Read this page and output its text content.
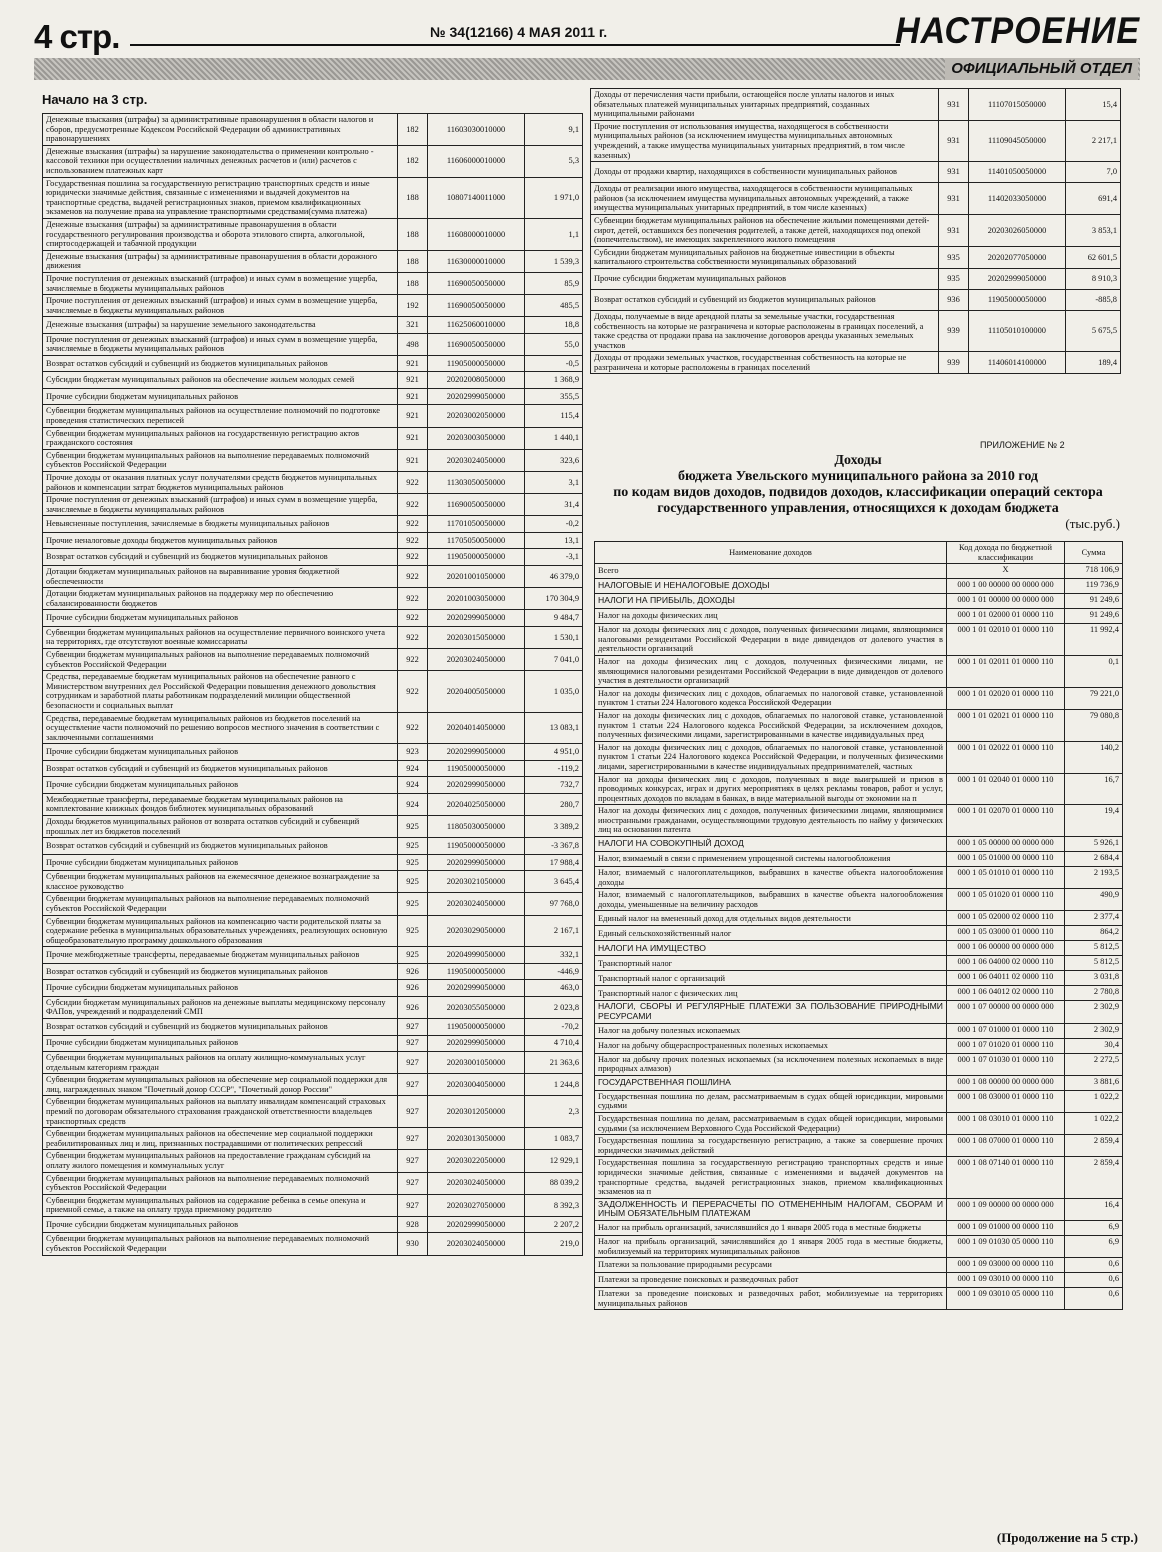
4 стр.	№ 34(12166) 4 МАЯ 2011 г.	НАСТРОЕНИЕ
ОФИЦИАЛЬНЫЙ ОТДЕЛ
Начало на 3 стр.
Денежные взыскания (штрафы) за административные правонарушения в области налогов и сборов, предусмотренные Кодексом Российской Федерации об административных правонарушениях	182	11603030010000	9,1
Денежные взыскания (штрафы) за нарушение законодательства о применении контрольно - кассовой техники при осуществлении наличных денежных расчетов и (или) расчетов с использованием платежных карт	182	11606000010000	5,3
Государственная пошлина за государственную регистрацию транспортных средств и иные юридически значимые действия, связанные с изменениями и выдачей документов на транспортные средства, выдачей регистрационных знаков, приемом квалификационных экзаменов на получение права на управление транспортными средствами(сумма платежа)	188	10807140011000	1 971,0
Денежные взыскания (штрафы) за административные правонарушения в области государственного регулирования производства и оборота этилового спирта, алкогольной, спиртосодержащей и табачной продукции	188	11608000010000	1,1
Денежные взыскания (штрафы) за административные правонарушения в области дорожного движения	188	11630000010000	1 539,3
Прочие поступления от денежных взысканий (штрафов) и иных сумм в возмещение ущерба, зачисляемые в бюджеты муниципальных районов	188	11690050050000	85,9
Прочие поступления от денежных взысканий (штрафов) и иных сумм в возмещение ущерба, зачисляемые в бюджеты муниципальных районов	192	11690050050000	485,5
Денежные взыскания (штрафы) за нарушение земельного законодательства	321	11625060010000	18,8
Прочие поступления от денежных взысканий (штрафов) и иных сумм в возмещение ущерба, зачисляемые в бюджеты муниципальных районов	498	11690050050000	55,0
Возврат остатков субсидий и субвенций из бюджетов муниципальных районов	921	11905000050000	-0,5
Субсидии бюджетам муниципальных районов на обеспечение жильем молодых семей	921	20202008050000	1 368,9
Прочие субсидии бюджетам муниципальных районов	921	20202999050000	355,5
Субвенции бюджетам муниципальных районов на осуществление полномочий по подготовке проведения статистических переписей	921	20203002050000	115,4
Субвенции бюджетам муниципальных районов на государственную регистрацию актов гражданского состояния	921	20203003050000	1 440,1
Субвенции бюджетам муниципальных районов на выполнение передаваемых полномочий субъектов Российской Федерации	921	20203024050000	323,6
Прочие доходы от оказания платных услуг получателями средств бюджетов муниципальных районов и компенсации затрат бюджетов муниципальных районов	922	11303050050000	3,1
Прочие поступления от денежных взысканий (штрафов) и иных сумм в возмещение ущерба, зачисляемые в бюджеты муниципальных районов	922	11690050050000	31,4
Невыясненные поступления, зачисляемые в бюджеты муниципальных районов	922	11701050050000	-0,2
Прочие неналоговые доходы бюджетов муниципальных районов	922	11705050050000	13,1
Возврат остатков субсидий и субвенций из бюджетов муниципальных районов	922	11905000050000	-3,1
Дотации бюджетам муниципальных районов на выравнивание уровня бюджетной обеспеченности	922	20201001050000	46 379,0
Дотации бюджетам муниципальных районов на поддержку мер по обеспечению сбалансированности бюджетов	922	20201003050000	170 304,9
Прочие субсидии бюджетам муниципальных районов	922	20202999050000	9 484,7
Субвенции бюджетам муниципальных районов на осуществление первичного воинского учета на территориях, где отсутствуют военные комиссариаты	922	20203015050000	1 530,1
Субвенции бюджетам муниципальных районов на выполнение передаваемых полномочий субъектов Российской Федерации	922	20203024050000	7 041,0
Средства, передаваемые бюджетам муниципальных районов на обеспечение равного с Министерством внутренних дел Российской Федерации повышения денежного довольствия сотрудникам и заработной платы работникам подразделений милиции общественной безопасности и социальных выплат	922	20204005050000	1 035,0
Средства, передаваемые бюджетам муниципальных районов из бюджетов поселений на осуществление части полномочий по решению вопросов местного значения в соответствии с заключенными соглашениями	922	20204014050000	13 083,1
Прочие субсидии бюджетам муниципальных районов	923	20202999050000	4 951,0
Возврат остатков субсидий и субвенций из бюджетов муниципальных районов	924	11905000050000	-119,2
Прочие субсидии бюджетам муниципальных районов	924	20202999050000	732,7
Межбюджетные трансферты, передаваемые бюджетам муниципальных районов на комплектование книжных фондов библиотек муниципальных образований	924	20204025050000	280,7
Доходы бюджетов муниципальных районов от возврата остатков субсидий и субвенций прошлых лет из бюджетов поселений	925	11805030050000	3 389,2
Возврат остатков субсидий и субвенций из бюджетов муниципальных районов	925	11905000050000	-3 367,8
Прочие субсидии бюджетам муниципальных районов	925	20202999050000	17 988,4
Субвенции бюджетам муниципальных районов на ежемесячное денежное вознаграждение за классное руководство	925	20203021050000	3 645,4
Субвенции бюджетам муниципальных районов на выполнение передаваемых полномочий субъектов Российской Федерации	925	20203024050000	97 768,0
Субвенции бюджетам муниципальных районов на компенсацию части родительской платы за содержание ребенка в муниципальных образовательных учреждениях, реализующих основную общеобразовательную программу дошкольного образования	925	20203029050000	2 167,1
Прочие межбюджетные трансферты, передаваемые бюджетам муниципальных районов	925	20204999050000	332,1
Возврат остатков субсидий и субвенций из бюджетов муниципальных районов	926	11905000050000	-446,9
Прочие субсидии бюджетам муниципальных районов	926	20202999050000	463,0
Субсидии бюджетам муниципальных районов на денежные выплаты медицинскому персоналу ФАПов, учреждений и подразделений СМП	926	20203055050000	2 023,8
Возврат остатков субсидий и субвенций из бюджетов муниципальных районов	927	11905000050000	-70,2
Прочие субсидии бюджетам муниципальных районов	927	20202999050000	4 710,4
Субвенции бюджетам муниципальных районов на оплату жилищно-коммунальных услуг отдельным категориям граждан	927	20203001050000	21 363,6
Субвенции бюджетам муниципальных районов на обеспечение мер социальной поддержки для лиц, награжденных знаком "Почетный донор СССР", "Почетный донор России"	927	20203004050000	1 244,8
Субвенции бюджетам муниципальных районов на выплату инвалидам компенсаций страховых премий по договорам обязательного страхования гражданской ответственности владельцев транспортных средств	927	20203012050000	2,3
Субвенции бюджетам муниципальных районов на обеспечение мер социальной поддержки реабилитированных лиц и лиц, признанных пострадавшими от политических репрессий	927	20203013050000	1 083,7
Субвенции бюджетам муниципальных районов на предоставление гражданам субсидий на оплату жилого помещения и коммунальных услуг	927	20203022050000	12 929,1
Субвенции бюджетам муниципальных районов на выполнение передаваемых полномочий субъектов Российской Федерации	927	20203024050000	88 039,2
Субвенции бюджетам муниципальных районов на содержание ребенка в семье опекуна и приемной семье, а также на оплату труда приемному родителю	927	20203027050000	8 392,3
Прочие субсидии бюджетам муниципальных районов	928	20202999050000	2 207,2
Субвенции бюджетам муниципальных районов на выполнение передаваемых полномочий субъектов Российской Федерации	930	20203024050000	219,0
Доходы от перечисления части прибыли, остающейся после уплаты налогов и иных обязательных платежей муниципальных унитарных предприятий, созданных муниципальными районами	931	11107015050000	15,4
Прочие поступления от использования имущества, находящегося в собственности муниципальных районов (за исключением имущества муниципальных автономных учреждений, а также имущества муниципальных унитарных предприятий, в том числе казенных)	931	11109045050000	2 217,1
Доходы от продажи квартир, находящихся в собственности муниципальных районов	931	11401050050000	7,0
Доходы от реализации иного имущества, находящегося в собственности муниципальных районов (за исключением имущества муниципальных автономных учреждений, а также имущества муниципальных унитарных предприятий, в том числе казенных)	931	11402033050000	691,4
Субвенции бюджетам муниципальных районов на обеспечение жилыми помещениями детей-сирот, детей, оставшихся без попечения родителей, а также детей, находящихся под опекой (попечительством), не имеющих закрепленного жилого помещения	931	20203026050000	3 853,1
Субсидии бюджетам муниципальных районов на бюджетные инвестиции в объекты капитального строительства собственности муниципальных образований	935	20202077050000	62 601,5
Прочие субсидии бюджетам муниципальных районов	935	20202999050000	8 910,3
Возврат остатков субсидий и субвенций из бюджетов муниципальных районов	936	11905000050000	-885,8
Доходы, получаемые в виде арендной платы за земельные участки, государственная собственность на которые не разграничена и которые расположены в границах поселений, а также средства от продажи права на заключение договоров аренды указанных земельных участков	939	11105010100000	5 675,5
Доходы от продажи земельных участков, государственная собственность на которые не разграничена и которые расположены в границах поселений	939	11406014100000	189,4
ПРИЛОЖЕНИЕ № 2
Доходы
бюджета Увельского муниципального района за 2010 год
по кодам видов доходов, подвидов доходов, классификации операций сектора
государственного управления, относящихся к доходам бюджета
(тыс.руб.)
Наименование доходов	Код дохода по бюджетной классификации	Сумма
Всего	X	718 106,9
НАЛОГОВЫЕ И НЕНАЛОГОВЫЕ ДОХОДЫ	000 1 00 00000 00 0000 000	119 736,9
НАЛОГИ НА ПРИБЫЛЬ, ДОХОДЫ	000 1 01 00000 00 0000 000	91 249,6
Налог на доходы физических лиц	000 1 01 02000 01 0000 110	91 249,6
Налог на доходы физических лиц с доходов, полученных физическими лицами, являющимися налоговыми резидентами Российской Федерации в виде дивидендов от долевого участия в деятельности организаций	000 1 01 02010 01 0000 110	11 992,4
Налог на доходы физических лиц с доходов, полученных физическими лицами, не являющимися налоговыми резидентами Российской Федерации в виде дивидендов от долевого участия в деятельности организаций	000 1 01 02011 01 0000 110	0,1
Налог на доходы физических лиц с доходов, облагаемых по налоговой ставке, установленной пунктом 1 статьи 224 Налогового кодекса Российской Федерации	000 1 01 02020 01 0000 110	79 221,0
Налог на доходы физических лиц с доходов, облагаемых по налоговой ставке, установленной пунктом 1 статьи 224 Налогового кодекса Российской Федерации, за исключением доходов, полученных физическими лицами, зарегистрированными в качестве индивидуальных пред	000 1 01 02021 01 0000 110	79 080,8
Налог на доходы физических лиц с доходов, облагаемых по налоговой ставке, установленной пунктом 1 статьи 224 Налогового кодекса Российской Федерации, и полученных физическими лицами, зарегистрированными в качестве индивидуальных предпринимателей, частных	000 1 01 02022 01 0000 110	140,2
Налог на доходы физических лиц с доходов, полученных в виде выигрышей и призов в проводимых конкурсах, играх и других мероприятиях в целях рекламы товаров, работ и услуг, процентных доходов по вкладам в банках, в виде материальной выгоды от экономии на п	000 1 01 02040 01 0000 110	16,7
Налог на доходы физических лиц с доходов, полученных физическими лицами, являющимися иностранными гражданами, осуществляющими трудовую деятельность по найму у физических лиц на основании патента	000 1 01 02070 01 0000 110	19,4
НАЛОГИ НА СОВОКУПНЫЙ ДОХОД	000 1 05 00000 00 0000 000	5 926,1
Налог, взимаемый в связи с применением упрощенной системы налогообложения	000 1 05 01000 00 0000 110	2 684,4
Налог, взимаемый с налогоплательщиков, выбравших в качестве объекта налогообложения доходы	000 1 05 01010 01 0000 110	2 193,5
Налог, взимаемый с налогоплательщиков, выбравших в качестве объекта налогообложения доходы, уменьшенные на величину расходов	000 1 05 01020 01 0000 110	490,9
Единый налог на вмененный доход для отдельных видов деятельности	000 1 05 02000 02 0000 110	2 377,4
Единый сельскохозяйственный налог	000 1 05 03000 01 0000 110	864,2
НАЛОГИ НА ИМУЩЕСТВО	000 1 06 00000 00 0000 000	5 812,5
Транспортный налог	000 1 06 04000 02 0000 110	5 812,5
Транспортный налог с организаций	000 1 06 04011 02 0000 110	3 031,8
Транспортный налог с физических лиц	000 1 06 04012 02 0000 110	2 780,8
НАЛОГИ, СБОРЫ И РЕГУЛЯРНЫЕ ПЛАТЕЖИ ЗА ПОЛЬЗОВАНИЕ ПРИРОДНЫМИ РЕСУРСАМИ	000 1 07 00000 00 0000 000	2 302,9
Налог на добычу полезных ископаемых	000 1 07 01000 01 0000 110	2 302,9
Налог на добычу общераспространенных полезных ископаемых	000 1 07 01020 01 0000 110	30,4
Налог на добычу прочих полезных ископаемых (за исключением полезных ископаемых в виде природных алмазов)	000 1 07 01030 01 0000 110	2 272,5
ГОСУДАРСТВЕННАЯ ПОШЛИНА	000 1 08 00000 00 0000 000	3 881,6
Государственная пошлина по делам, рассматриваемым в судах общей юрисдикции, мировыми судьями	000 1 08 03000 01 0000 110	1 022,2
Государственная пошлина по делам, рассматриваемым в судах общей юрисдикции, мировыми судьями (за исключением Верховного Суда Российской Федерации)	000 1 08 03010 01 0000 110	1 022,2
Государственная пошлина за государственную регистрацию, а также за совершение прочих юридически значимых действий	000 1 08 07000 01 0000 110	2 859,4
Государственная пошлина за государственную регистрацию транспортных средств и иные юридически значимые действия, связанные с изменениями и выдачей документов на транспортные средства, выдачей регистрационных знаков, приемом квалификационных экзаменов на п	000 1 08 07140 01 0000 110	2 859,4
ЗАДОЛЖЕННОСТЬ И ПЕРЕРАСЧЕТЫ ПО ОТМЕНЕННЫМ НАЛОГАМ, СБОРАМ И ИНЫМ ОБЯЗАТЕЛЬНЫМ ПЛАТЕЖАМ	000 1 09 00000 00 0000 000	16,4
Налог на прибыль организаций, зачислявшийся до 1 января 2005 года в местные бюджеты	000 1 09 01000 00 0000 110	6,9
Налог на прибыль организаций, зачислявшийся до 1 января 2005 года в местные бюджеты, мобилизуемый на территориях муниципальных районов	000 1 09 01030 05 0000 110	6,9
Платежи за пользование природными ресурсами	000 1 09 03000 00 0000 110	0,6
Платежи за проведение поисковых и разведочных работ	000 1 09 03010 00 0000 110	0,6
Платежи за проведение поисковых и разведочных работ, мобилизуемые на территориях муниципальных районов	000 1 09 03010 05 0000 110	0,6
(Продолжение на 5 стр.)
